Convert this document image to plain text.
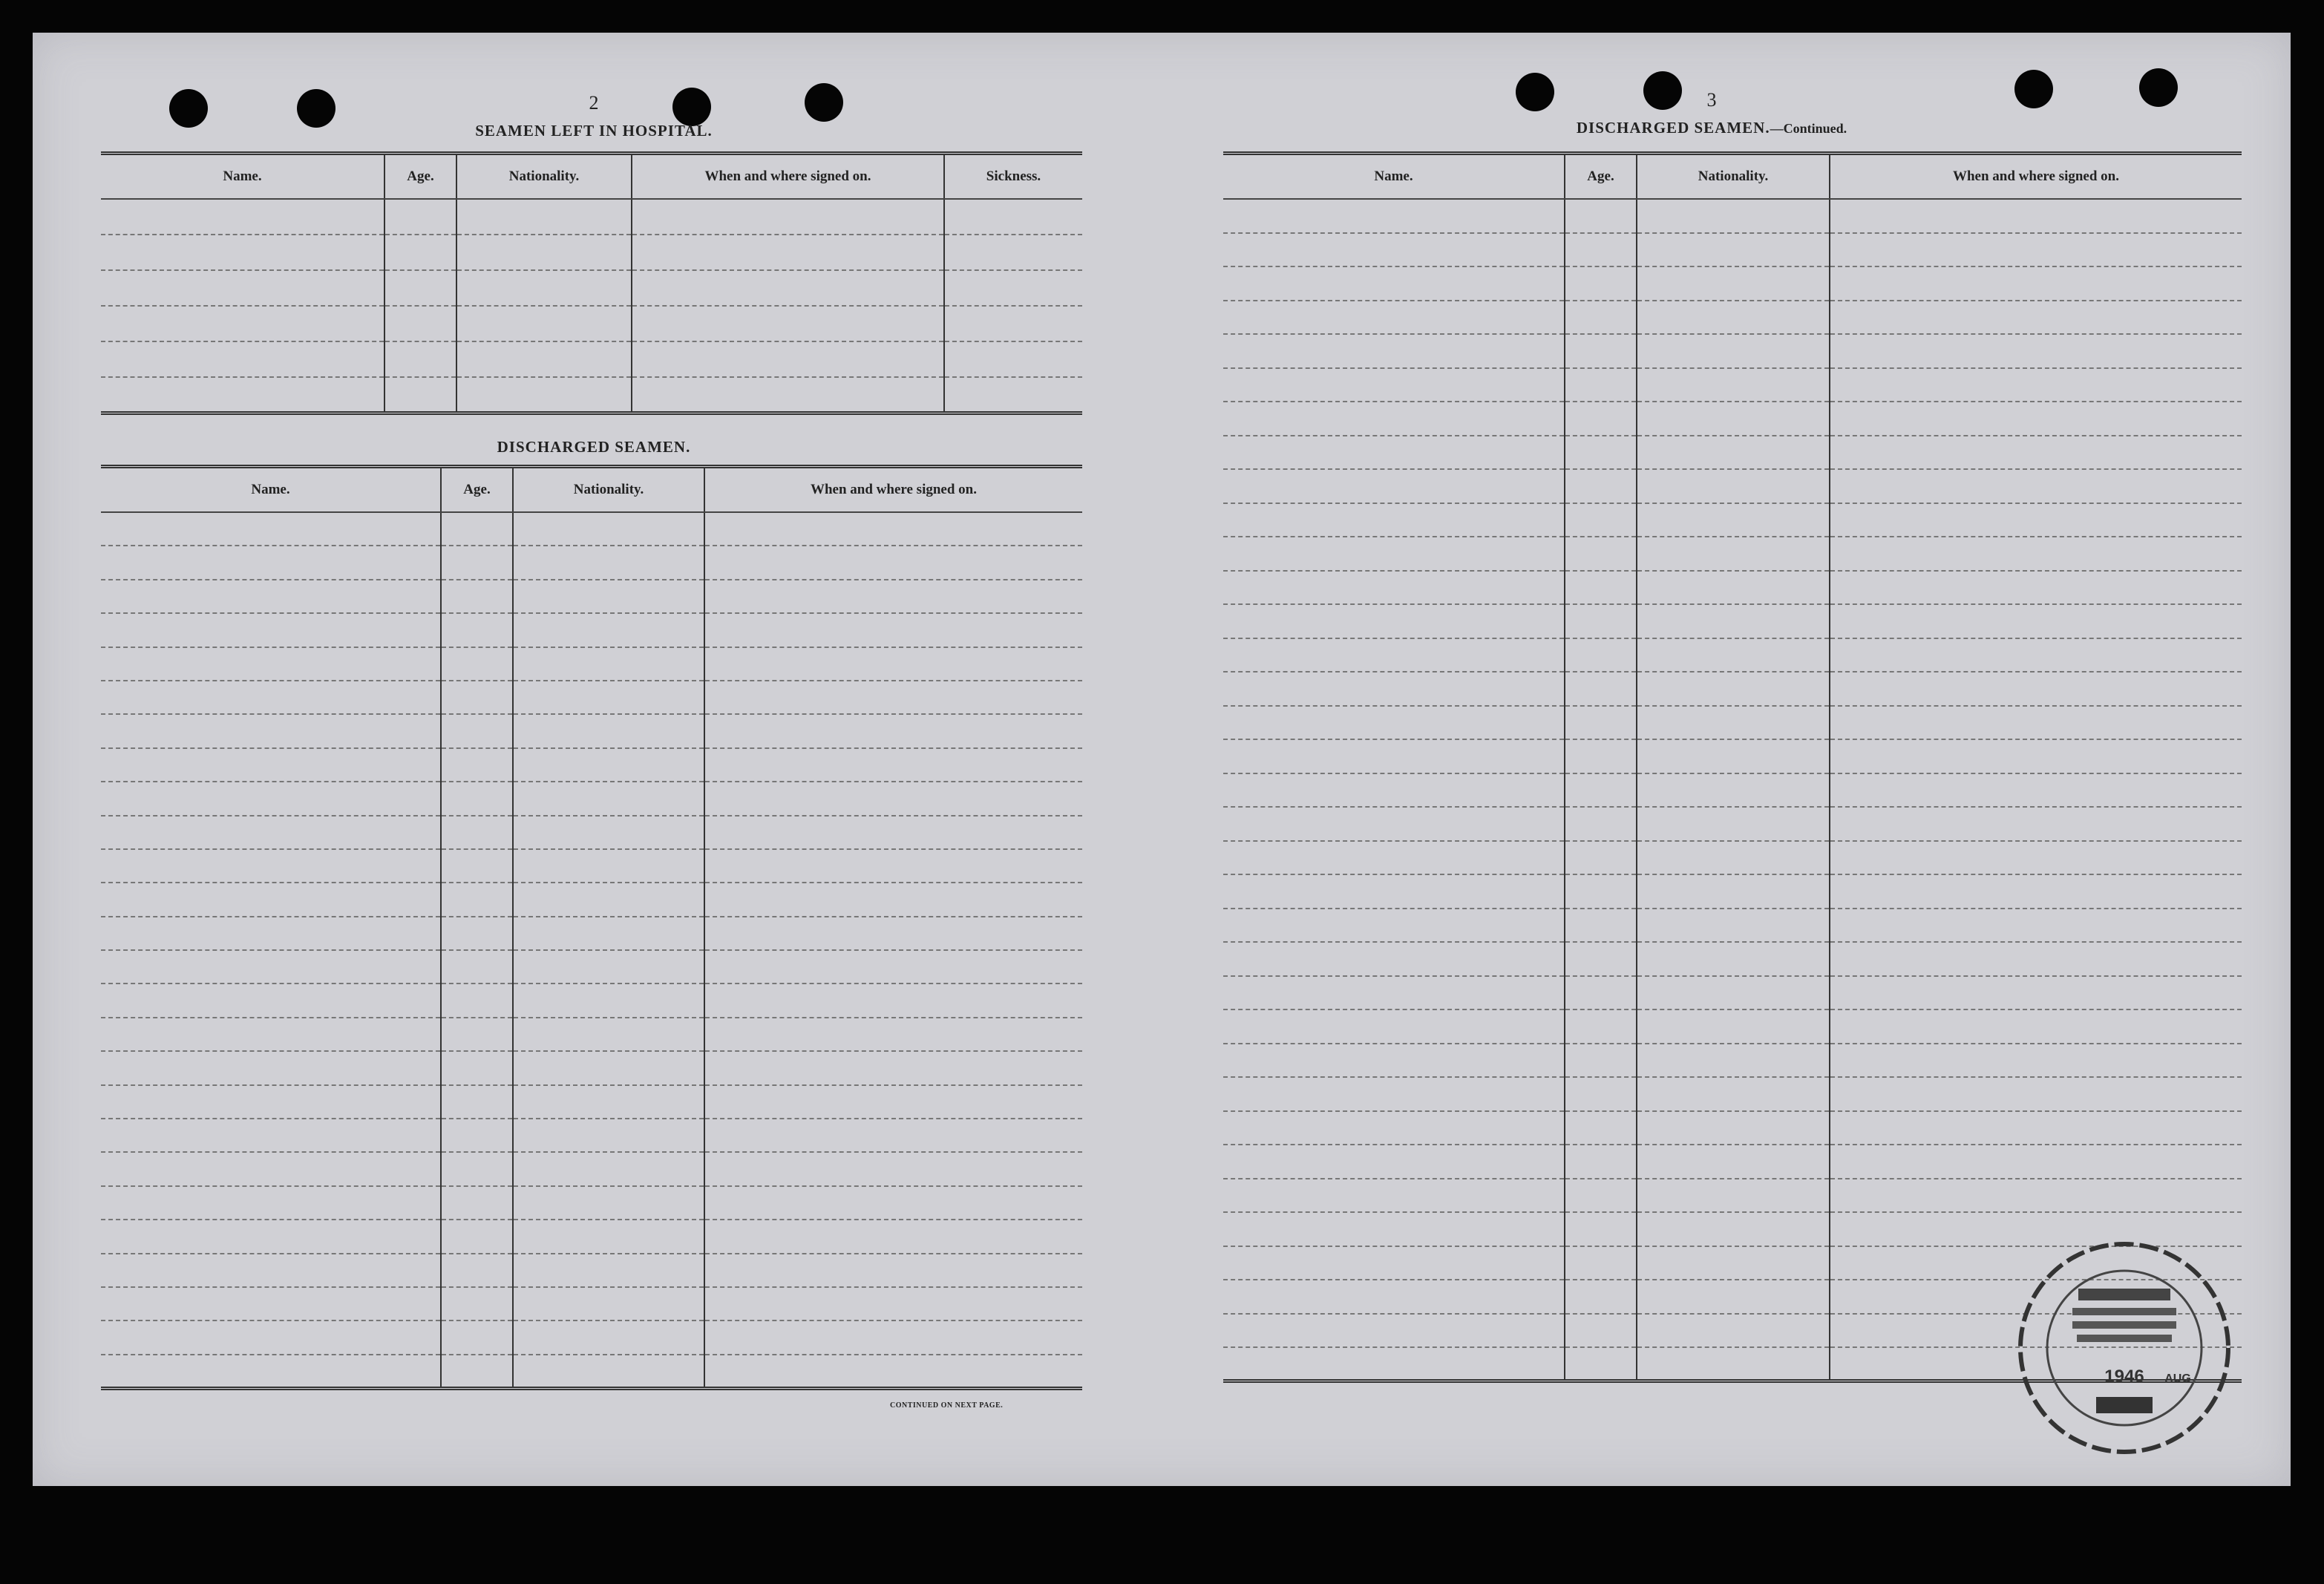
2
SEAMEN LEFT IN HOSPITAL.
Name.	Age.	Nationality.	When and where signed on.	Sickness.

DISCHARGED SEAMEN.
Name.	Age.	Nationality.	When and where signed on.

CONTINUED ON NEXT PAGE.
3
DISCHARGED SEAMEN.—Continued.
Name.	Age.	Nationality.	When and where signed on.

1946 AUG
